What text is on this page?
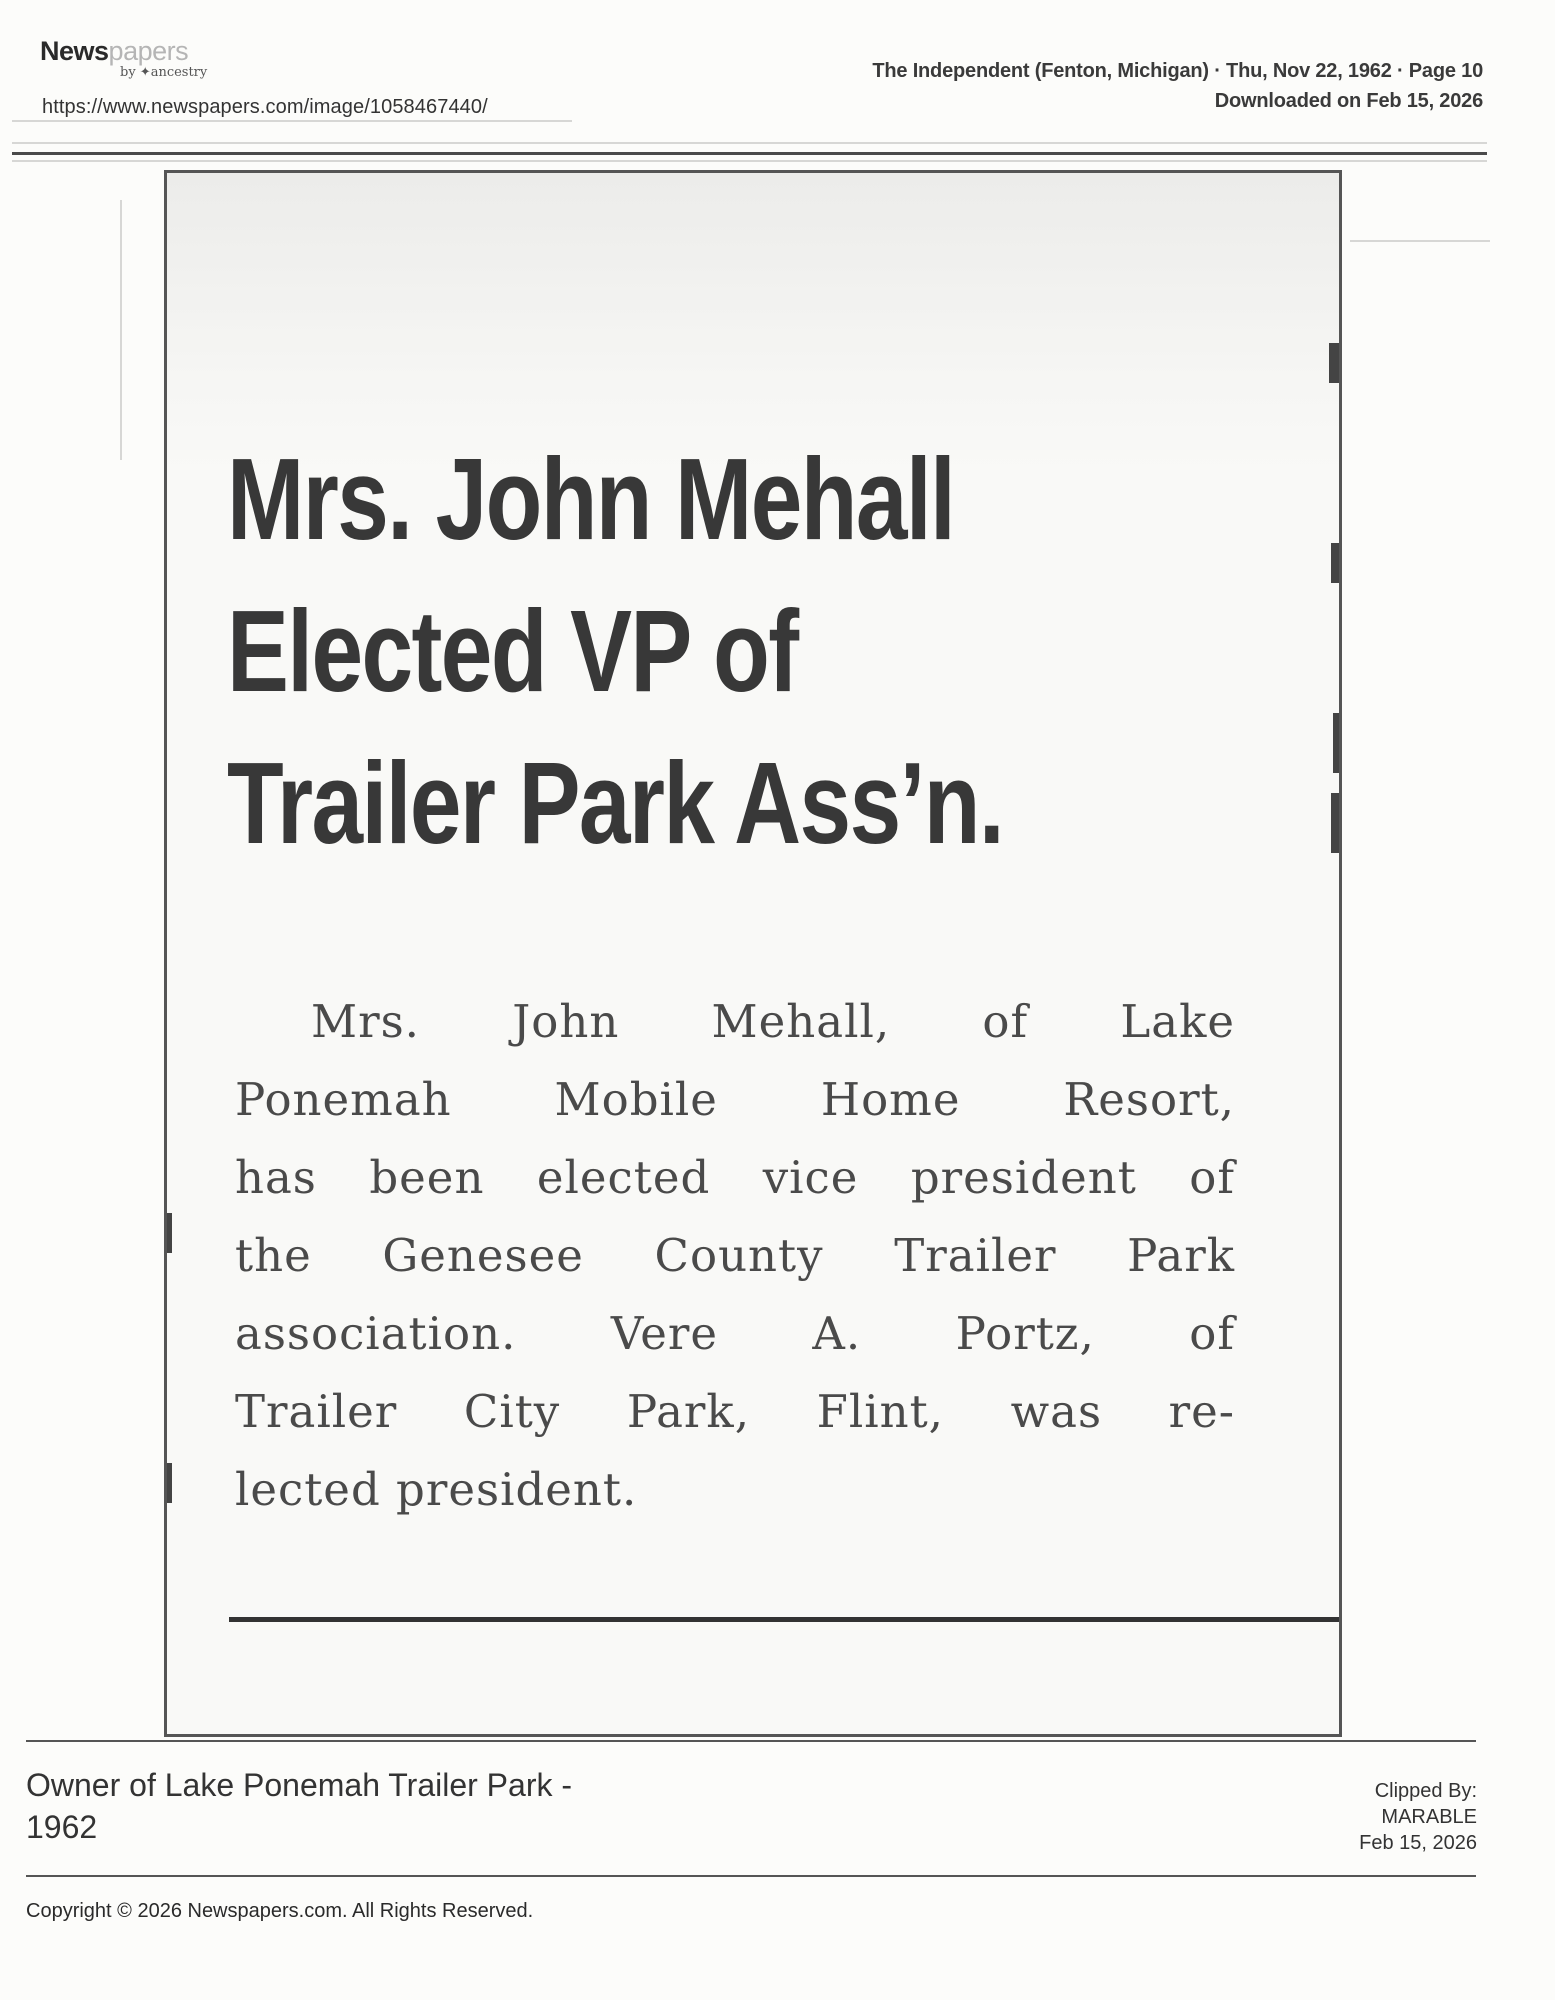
Newspapers
by ✦ancestry
https://www.newspapers.com/image/1058467440/
The Independent (Fenton, Michigan) · Thu, Nov 22, 1962 · Page 10
Downloaded on Feb 15, 2026
Mrs. John Mehall
Elected VP of
Trailer Park Ass’n.
Mrs. John Mehall, of Lake
Ponemah Mobile Home Resort,
has been elected vice president of
the Genesee County Trailer Park
association. Vere A. Portz, of
Trailer City Park, Flint, was re-
lected president.
Owner of Lake Ponemah Trailer Park -
1962
Clipped By:
MARABLE
Feb 15, 2026
Copyright © 2026 Newspapers.com. All Rights Reserved.
